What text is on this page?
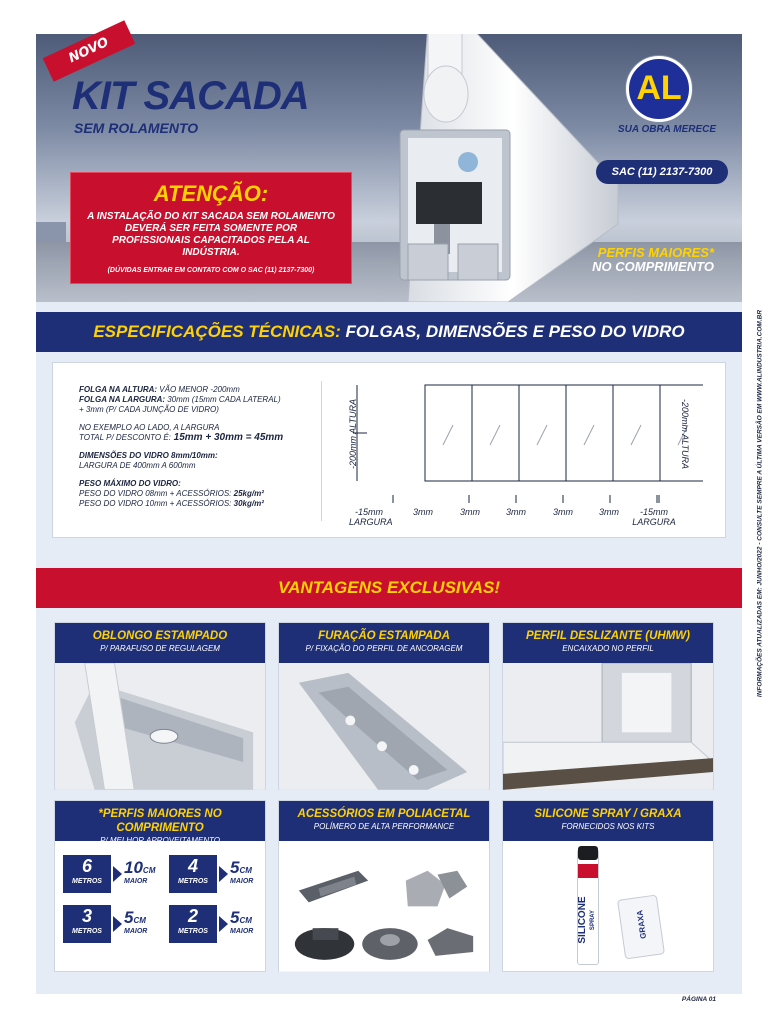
NOVO
KIT SACADA
SEM ROLAMENTO
AL
SUA OBRA MERECE
SAC (11) 2137-7300
PERFIS MAIORES*
NO COMPRIMENTO
ATENÇÃO:

A INSTALAÇÃO DO KIT SACADA SEM ROLAMENTO DEVERÁ SER FEITA SOMENTE POR PROFISSIONAIS CAPACITADOS PELA AL INDÚSTRIA.

(DÚVIDAS ENTRAR EM CONTATO COM O SAC (11) 2137-7300)
ESPECIFICAÇÕES TÉCNICAS: FOLGAS, DIMENSÕES E PESO DO VIDRO
FOLGA NA ALTURA: VÃO MENOR -200mm
FOLGA NA LARGURA: 30mm (15mm CADA LATERAL)
+ 3mm (P/ CADA JUNÇÃO DE VIDRO)
NO EXEMPLO AO LADO, A LARGURA
TOTAL P/ DESCONTO É: 15mm + 30mm = 45mm
DIMENSÕES DO VIDRO 8mm/10mm:
LARGURA DE 400mm A 600mm
PESO MÁXIMO DO VIDRO:
PESO DO VIDRO 08mm + ACESSÓRIOS: 25kg/m²
PESO DO VIDRO 10mm + ACESSÓRIOS: 30kg/m²
-200mm ALTURA	-200mm ALTURA
-15mm
LARGURA
3mm	3mm	3mm	3mm	3mm	-15mm
LARGURA
VANTAGENS EXCLUSIVAS!
OBLONGO ESTAMPADO
P/ PARAFUSO DE REGULAGEM
FURAÇÃO ESTAMPADA
P/ FIXAÇÃO DO PERFIL DE ANCORAGEM
PERFIL DESLIZANTE (UHMW)
ENCAIXADO NO PERFIL
*PERFIS MAIORES NO COMPRIMENTO
P/ MELHOR APROVEITAMENTO
6
METROS
10CM
MAIOR
4
METROS
5CM
MAIOR
3
METROS
5CM
MAIOR
2
METROS
5CM
MAIOR
ACESSÓRIOS EM POLIACETAL
POLÍMERO DE ALTA PERFORMANCE
SILICONE SPRAY / GRAXA
FORNECIDOS NOS KITS
SILICONE SPRAY	GRAXA
INFORMAÇÕES ATUALIZADAS EM: JUNHO/2022 - CONSULTE SEMPRE A ÚLTIMA VERSÃO EM WWW.ALINDUSTRIA.COM.BR
PÁGINA 01
